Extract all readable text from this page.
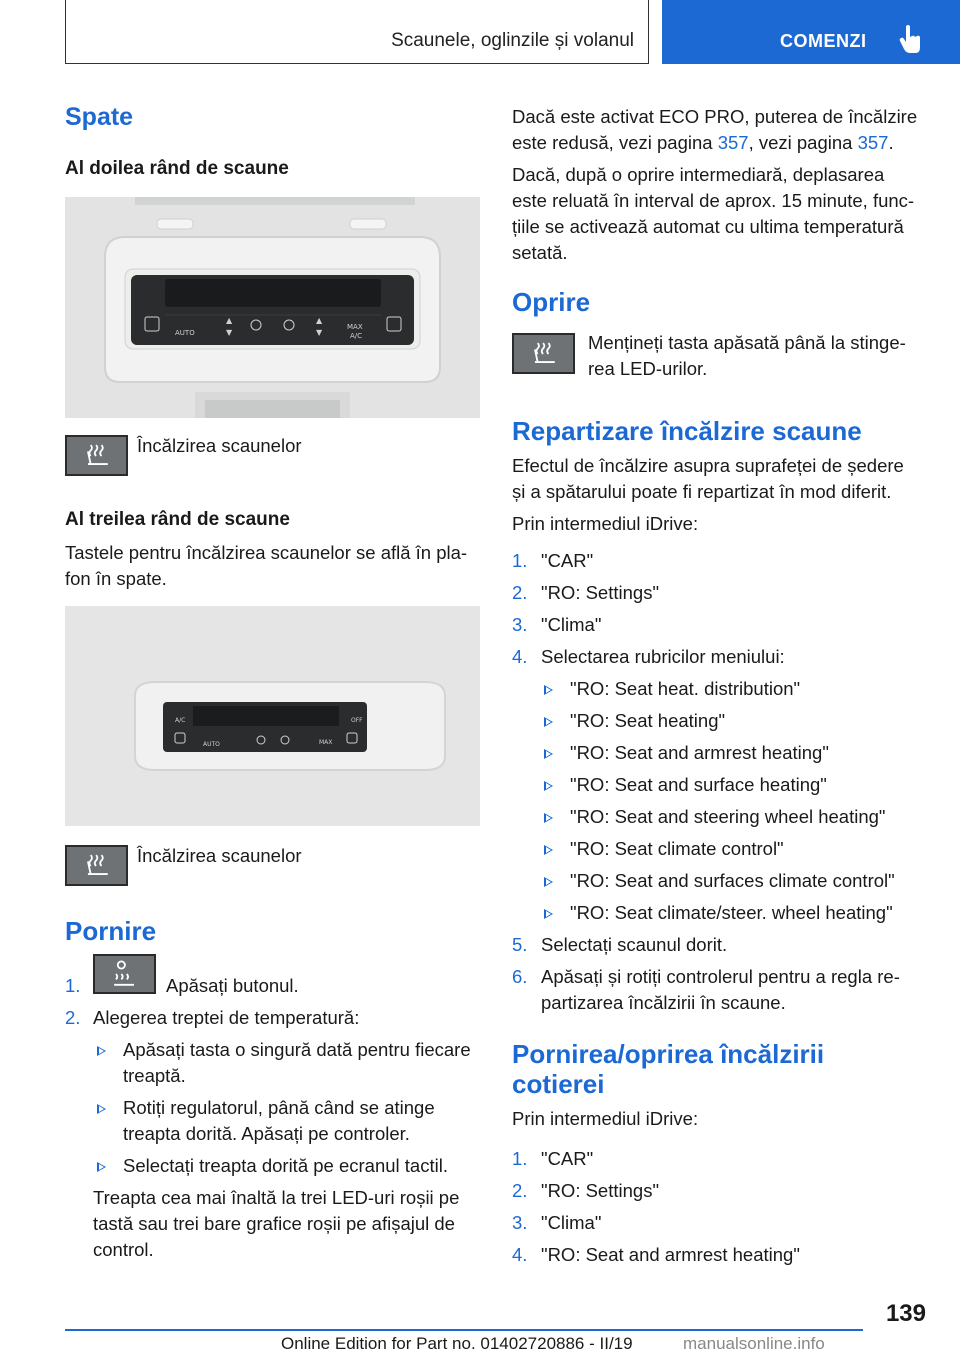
Scaunele, oglinzile și volanul	COMENZI
Spate
Al doilea rând de scaune
AUTO
▲
▼
▲
▼
MAX
A/C
Încălzirea scaunelor
Al treilea rând de scaune
Tastele pentru încălzirea scaunelor se află în pla-
fon în spate.
A/C	OFF
AUTO	MAX
Încălzirea scaunelor
Pornire
1.	Apăsați butonul.
2. Alegerea treptei de temperatură:
Apăsați tasta o singură dată pentru fiecare
treaptă.
Rotiți regulatorul, până când se atinge
treapta dorită. Apăsați pe controler.
Selectați treapta dorită pe ecranul tactil.
Treapta cea mai înaltă la trei LED-uri roșii pe
tastă sau trei bare grafice roșii pe afișajul de
control.
Dacă este activat ECO PRO, puterea de încălzire
este redusă, vezi pagina 357, vezi pagina 357.
Dacă, după o oprire intermediară, deplasarea
este reluată în interval de aprox. 15 minute, func-
țiile se activează automat cu ultima temperatură
setată.
Oprire
Mențineți tasta apăsată până la stinge-
rea LED-urilor.
Repartizare încălzire scaune
Efectul de încălzire asupra suprafeței de ședere
și a spătarului poate fi repartizat în mod diferit.
Prin intermediul iDrive:
1. "CAR"
2. "RO: Settings"
3. "Clima"
4. Selectarea rubricilor meniului:
"RO: Seat heat. distribution"
"RO: Seat heating"
"RO: Seat and armrest heating"
"RO: Seat and surface heating"
"RO: Seat and steering wheel heating"
"RO: Seat climate control"
"RO: Seat and surfaces climate control"
"RO: Seat climate/steer. wheel heating"
5. Selectați scaunul dorit.
6. Apăsați și rotiți controlerul pentru a regla re-
partizarea încălzirii în scaune.
Pornirea/oprirea încălzirii
cotierei
Prin intermediul iDrive:
1. "CAR"
2. "RO: Settings"
3. "Clima"
4. "RO: Seat and armrest heating"
139
Online Edition for Part no. 01402720886 - II/19	manualsonline.info
